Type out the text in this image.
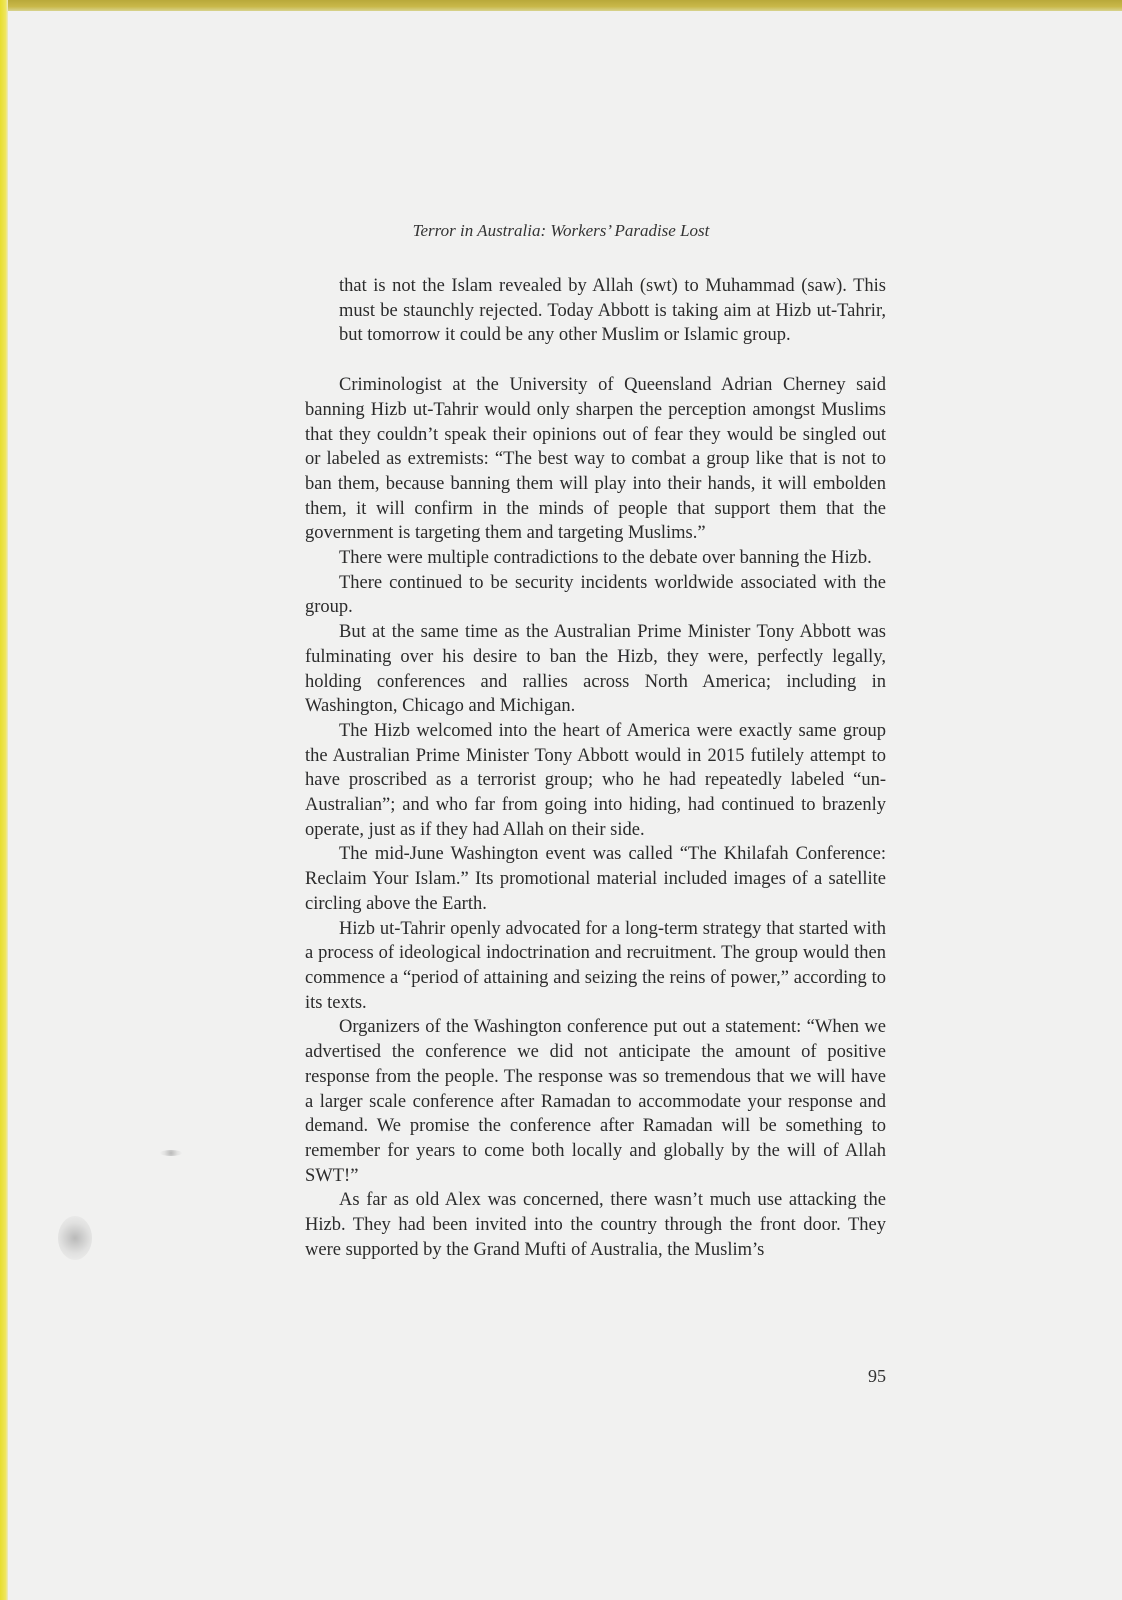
Terror in Australia: Workers’ Paradise Lost

that is not the Islam revealed by Allah (swt) to Muhammad (saw). This must be staunchly rejected. Today Abbott is taking aim at Hizb ut-Tahrir, but tomorrow it could be any other Muslim or Islamic group.

Criminologist at the University of Queensland Adrian Cherney said banning Hizb ut-Tahrir would only sharpen the perception amongst Muslims that they couldn’t speak their opinions out of fear they would be singled out or labeled as extremists: “The best way to combat a group like that is not to ban them, because banning them will play into their hands, it will embolden them, it will confirm in the minds of people that support them that the government is targeting them and targeting Muslims.”

There were multiple contradictions to the debate over banning the Hizb.

There continued to be security incidents worldwide associated with the group.

But at the same time as the Australian Prime Minister Tony Abbott was fulminating over his desire to ban the Hizb, they were, perfectly legally, holding conferences and rallies across North America; including in Washington, Chicago and Michigan.

The Hizb welcomed into the heart of America were exactly same group the Australian Prime Minister Tony Abbott would in 2015 futilely attempt to have proscribed as a terrorist group; who he had repeatedly labeled “un-Australian”; and who far from going into hiding, had continued to brazenly operate, just as if they had Allah on their side.

The mid-June Washington event was called “The Khilafah Conference: Reclaim Your Islam.” Its promotional material included images of a satellite circling above the Earth.

Hizb ut-Tahrir openly advocated for a long-term strategy that started with a process of ideological indoctrination and recruitment. The group would then commence a “period of attaining and seizing the reins of power,” according to its texts.

Organizers of the Washington conference put out a statement: “When we advertised the conference we did not anticipate the amount of positive response from the people. The response was so tremendous that we will have a larger scale conference after Ramadan to accommodate your response and demand. We promise the conference after Ramadan will be something to remember for years to come both locally and globally by the will of Allah SWT!”

As far as old Alex was concerned, there wasn’t much use attacking the Hizb. They had been invited into the country through the front door. They were supported by the Grand Mufti of Australia, the Muslim’s

95
